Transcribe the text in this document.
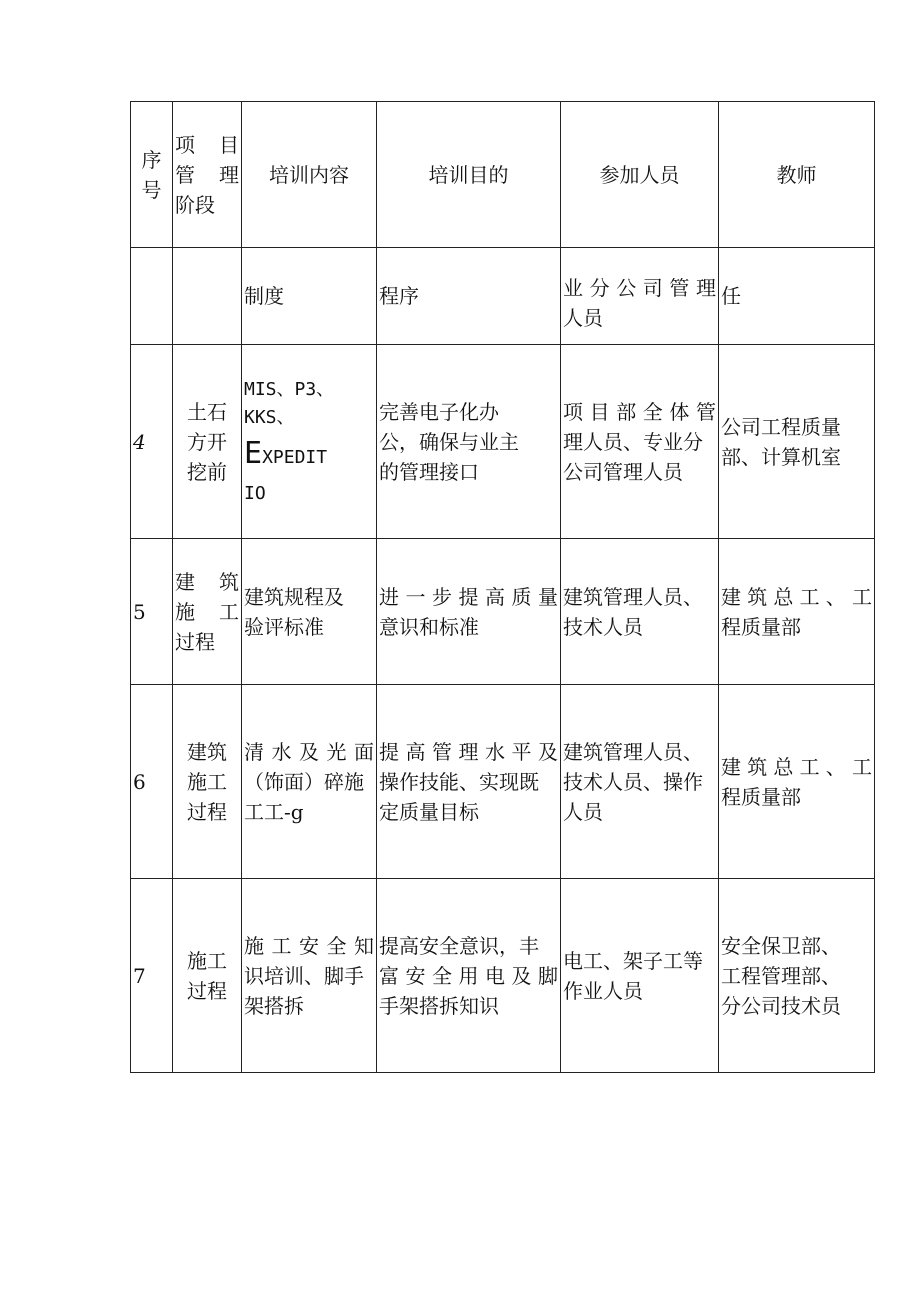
序
号	项 目
管 理
阶段	培训内容	培训目的	参加人员	教师
		制度	程序	业分公司管理
人员	任
4	土石
方开
挖前	MIS、P3、
KKS、
EXPEDIT
IO	完善电子化办
公，确保与业主
的管理接口	项目部全体管
理人员、专业分
公司管理人员	公司工程质量
部、计算机室

5	建 筑
施 工
过程	建筑规程及
验评标准	进一步提高质量
意识和标准	建筑管理人员、
技术人员	建筑总工、工
程质量部

6	建筑
施工
过程	清水及光面
（饰面）碎施
工工-g	提高管理水平及
操作技能、实现既
定质量目标	建筑管理人员、
技术人员、操作
人员	建筑总工、工
程质量部

7	施工
过程	施工安全知
识培训、脚手
架搭拆	提高安全意识，丰
富安全用电及脚
手架搭拆知识	电工、架子工等
作业人员	安全保卫部、
工程管理部、
分公司技术员
